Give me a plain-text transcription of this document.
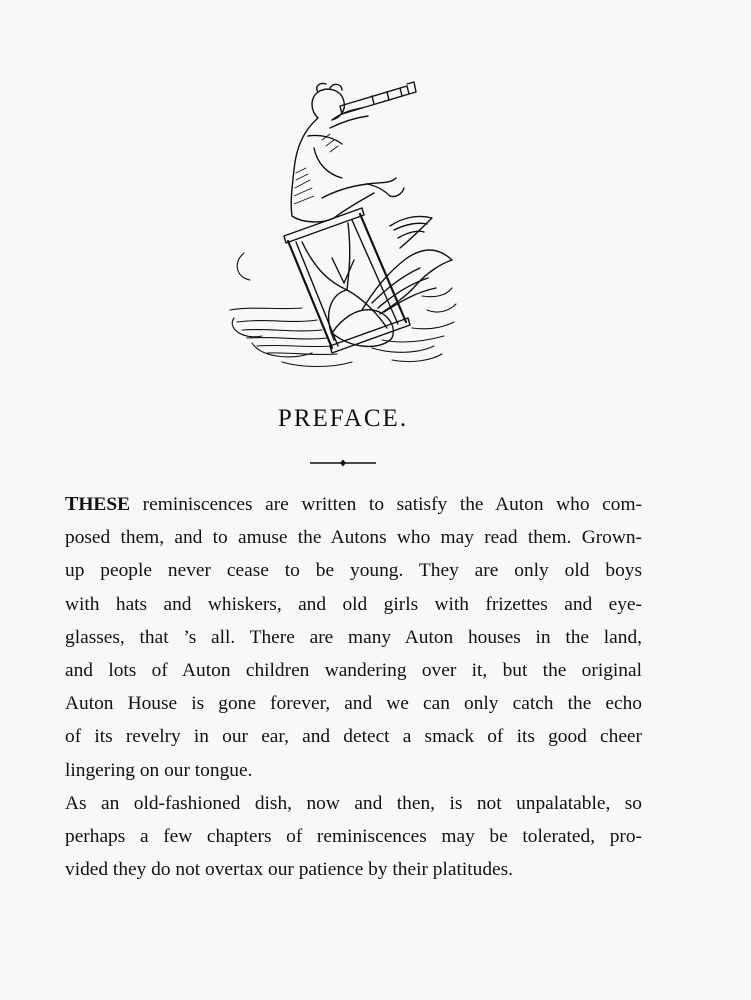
PREFACE.

THESE reminiscences are written to satisfy the Auton who com-
posed them, and to amuse the Autons who may read them. Grown-
up people never cease to be young. They are only old boys
with hats and whiskers, and old girls with frizettes and eye-
glasses, that ’s all. There are many Auton houses in the land,
and lots of Auton children wandering over it, but the original
Auton House is gone forever, and we can only catch the echo
of its revelry in our ear, and detect a smack of its good cheer
lingering on our tongue.

As an old-fashioned dish, now and then, is not unpalatable, so
perhaps a few chapters of reminiscences may be tolerated, pro-
vided they do not overtax our patience by their platitudes.
